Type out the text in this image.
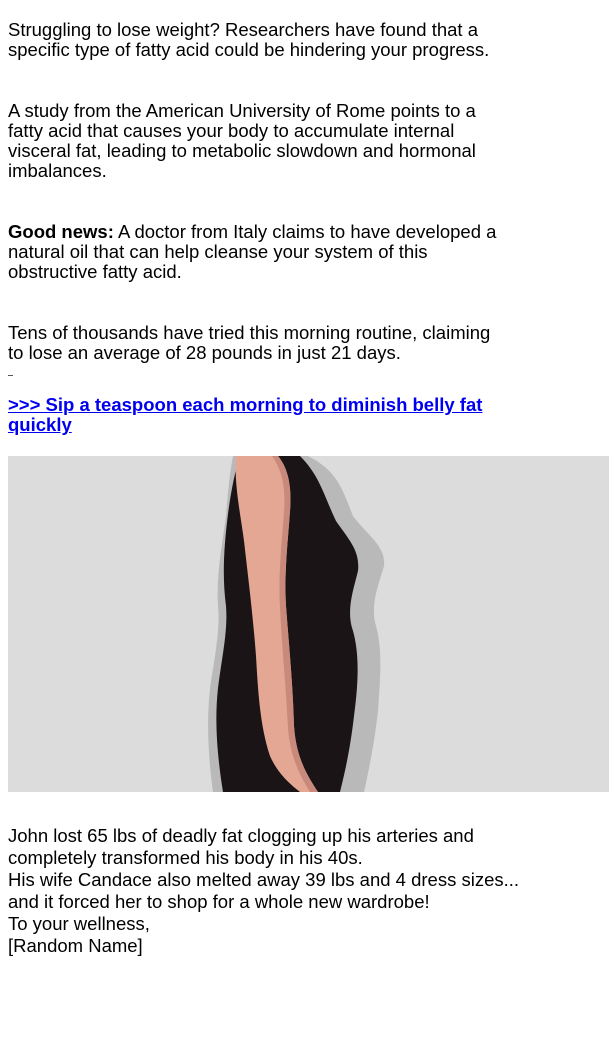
Struggling to lose weight? Researchers have found that a specific type of fatty acid could be hindering your progress.

A study from the American University of Rome points to a fatty acid that causes your body to accumulate internal visceral fat, leading to metabolic slowdown and hormonal imbalances.

Good news: A doctor from Italy claims to have developed a natural oil that can help cleanse your system of this obstructive fatty acid.

Tens of thousands have tried this morning routine, claiming to lose an average of 28 pounds in just 21 days.

>>> Sip a teaspoon each morning to diminish belly fat quickly

John lost 65 lbs of deadly fat clogging up his arteries and completely transformed his body in his 40s.

His wife Candace also melted away 39 lbs and 4 dress sizes... and it forced her to shop for a whole new wardrobe!

To your wellness,

[Random Name]
